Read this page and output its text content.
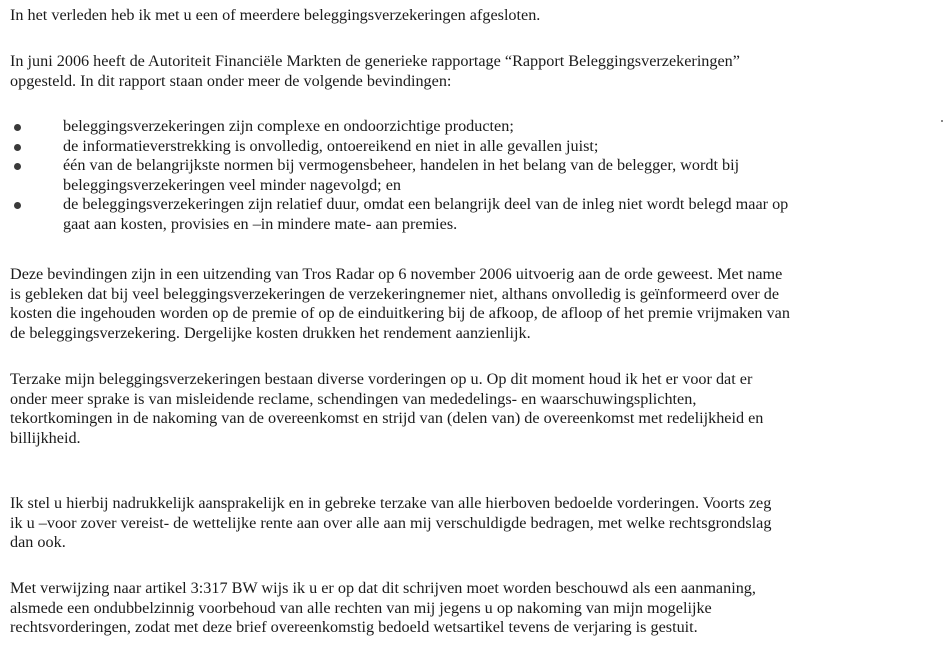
In het verleden heb ik met u een of meerdere beleggingsverzekeringen afgesloten.

In juni 2006 heeft de Autoriteit Financiële Markten de generieke rapportage “Rapport Beleggingsverzekeringen”
opgesteld. In dit rapport staan onder meer de volgende bevindingen:

beleggingsverzekeringen zijn complexe en ondoorzichtige producten;
de informatieverstrekking is onvolledig, ontoereikend en niet in alle gevallen juist;
één van de belangrijkste normen bij vermogensbeheer, handelen in het belang van de belegger, wordt bij
beleggingsverzekeringen veel minder nagevolgd; en
de beleggingsverzekeringen zijn relatief duur, omdat een belangrijk deel van de inleg niet wordt belegd maar op
gaat aan kosten, provisies en –in mindere mate- aan premies.

Deze bevindingen zijn in een uitzending van Tros Radar op 6 november 2006 uitvoerig aan de orde geweest. Met name
is gebleken dat bij veel beleggingsverzekeringen de verzekeringnemer niet, althans onvolledig is geïnformeerd over de
kosten die ingehouden worden op de premie of op de einduitkering bij de afkoop, de afloop of het premie vrijmaken van
de beleggingsverzekering. Dergelijke kosten drukken het rendement aanzienlijk.

Terzake mijn beleggingsverzekeringen bestaan diverse vorderingen op u. Op dit moment houd ik het er voor dat er
onder meer sprake is van misleidende reclame, schendingen van mededelings- en waarschuwingsplichten,
tekortkomingen in de nakoming van de overeenkomst en strijd van (delen van) de overeenkomst met redelijkheid en
billijkheid.

Ik stel u hierbij nadrukkelijk aansprakelijk en in gebreke terzake van alle hierboven bedoelde vorderingen. Voorts zeg
ik u –voor zover vereist- de wettelijke rente aan over alle aan mij verschuldigde bedragen, met welke rechtsgrondslag
dan ook.

Met verwijzing naar artikel 3:317 BW wijs ik u er op dat dit schrijven moet worden beschouwd als een aanmaning,
alsmede een ondubbelzinnig voorbehoud van alle rechten van mij jegens u op nakoming van mijn mogelijke
rechtsvorderingen, zodat met deze brief overeenkomstig bedoeld wetsartikel tevens de verjaring is gestuit.
